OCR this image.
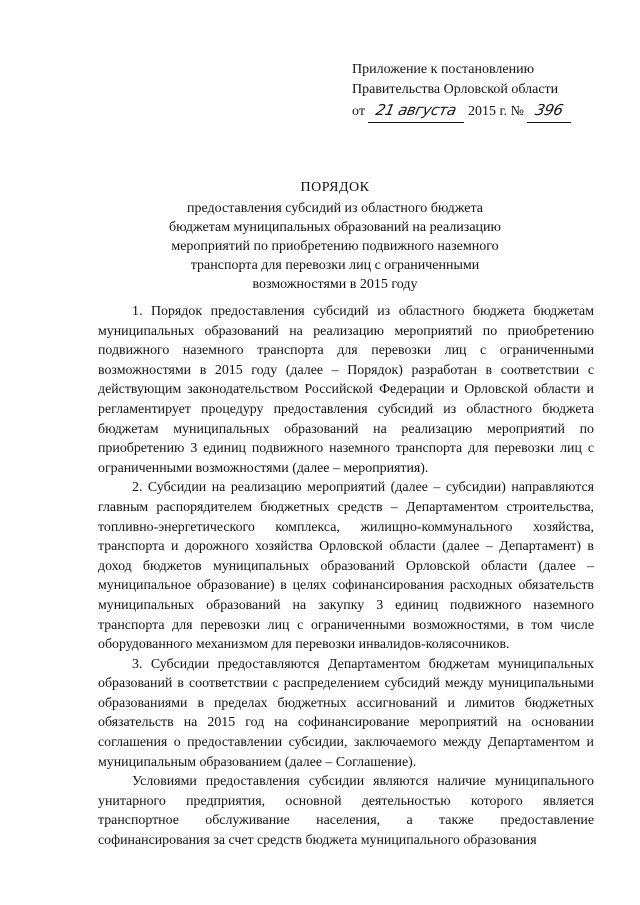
Приложение к постановлению
Правительства Орловской области
от 21 августа 2015 г. № 396
ПОРЯДОК
предоставления субсидий из областного бюджета
бюджетам муниципальных образований на реализацию
мероприятий по приобретению подвижного наземного
транспорта для перевозки лиц с ограниченными
возможностями в 2015 году

1. Порядок предоставления субсидий из областного бюджета бюджетам муниципальных образований на реализацию мероприятий по приобретению подвижного наземного транспорта для перевозки лиц с ограниченными возможностями в 2015 году (далее – Порядок) разработан в соответствии с действующим законодательством Российской Федерации и Орловской области и регламентирует процедуру предоставления субсидий из областного бюджета бюджетам муниципальных образований на реализацию мероприятий по приобретению 3 единиц подвижного наземного транспорта для перевозки лиц с ограниченными возможностями (далее – мероприятия).

2. Субсидии на реализацию мероприятий (далее – субсидии) направляются главным распорядителем бюджетных средств – Департаментом строительства, топливно-энергетического комплекса, жилищно-коммунального хозяйства, транспорта и дорожного хозяйства Орловской области (далее – Департамент) в доход бюджетов муниципальных образований Орловской области (далее – муниципальное образование) в целях софинансирования расходных обязательств муниципальных образований на закупку 3 единиц подвижного наземного транспорта для перевозки лиц с ограниченными возможностями, в том числе оборудованного механизмом для перевозки инвалидов-колясочников.

3. Субсидии предоставляются Департаментом бюджетам муниципальных образований в соответствии с распределением субсидий между муниципальными образованиями в пределах бюджетных ассигнований и лимитов бюджетных обязательств на 2015 год на софинансирование мероприятий на основании соглашения о предоставлении субсидии, заключаемого между Департаментом и муниципальным образованием (далее – Соглашение).

Условиями предоставления субсидии являются наличие муниципального унитарного предприятия, основной деятельностью которого является транспортное обслуживание населения, а также предоставление софинансирования за счет средств бюджета муниципального образования
